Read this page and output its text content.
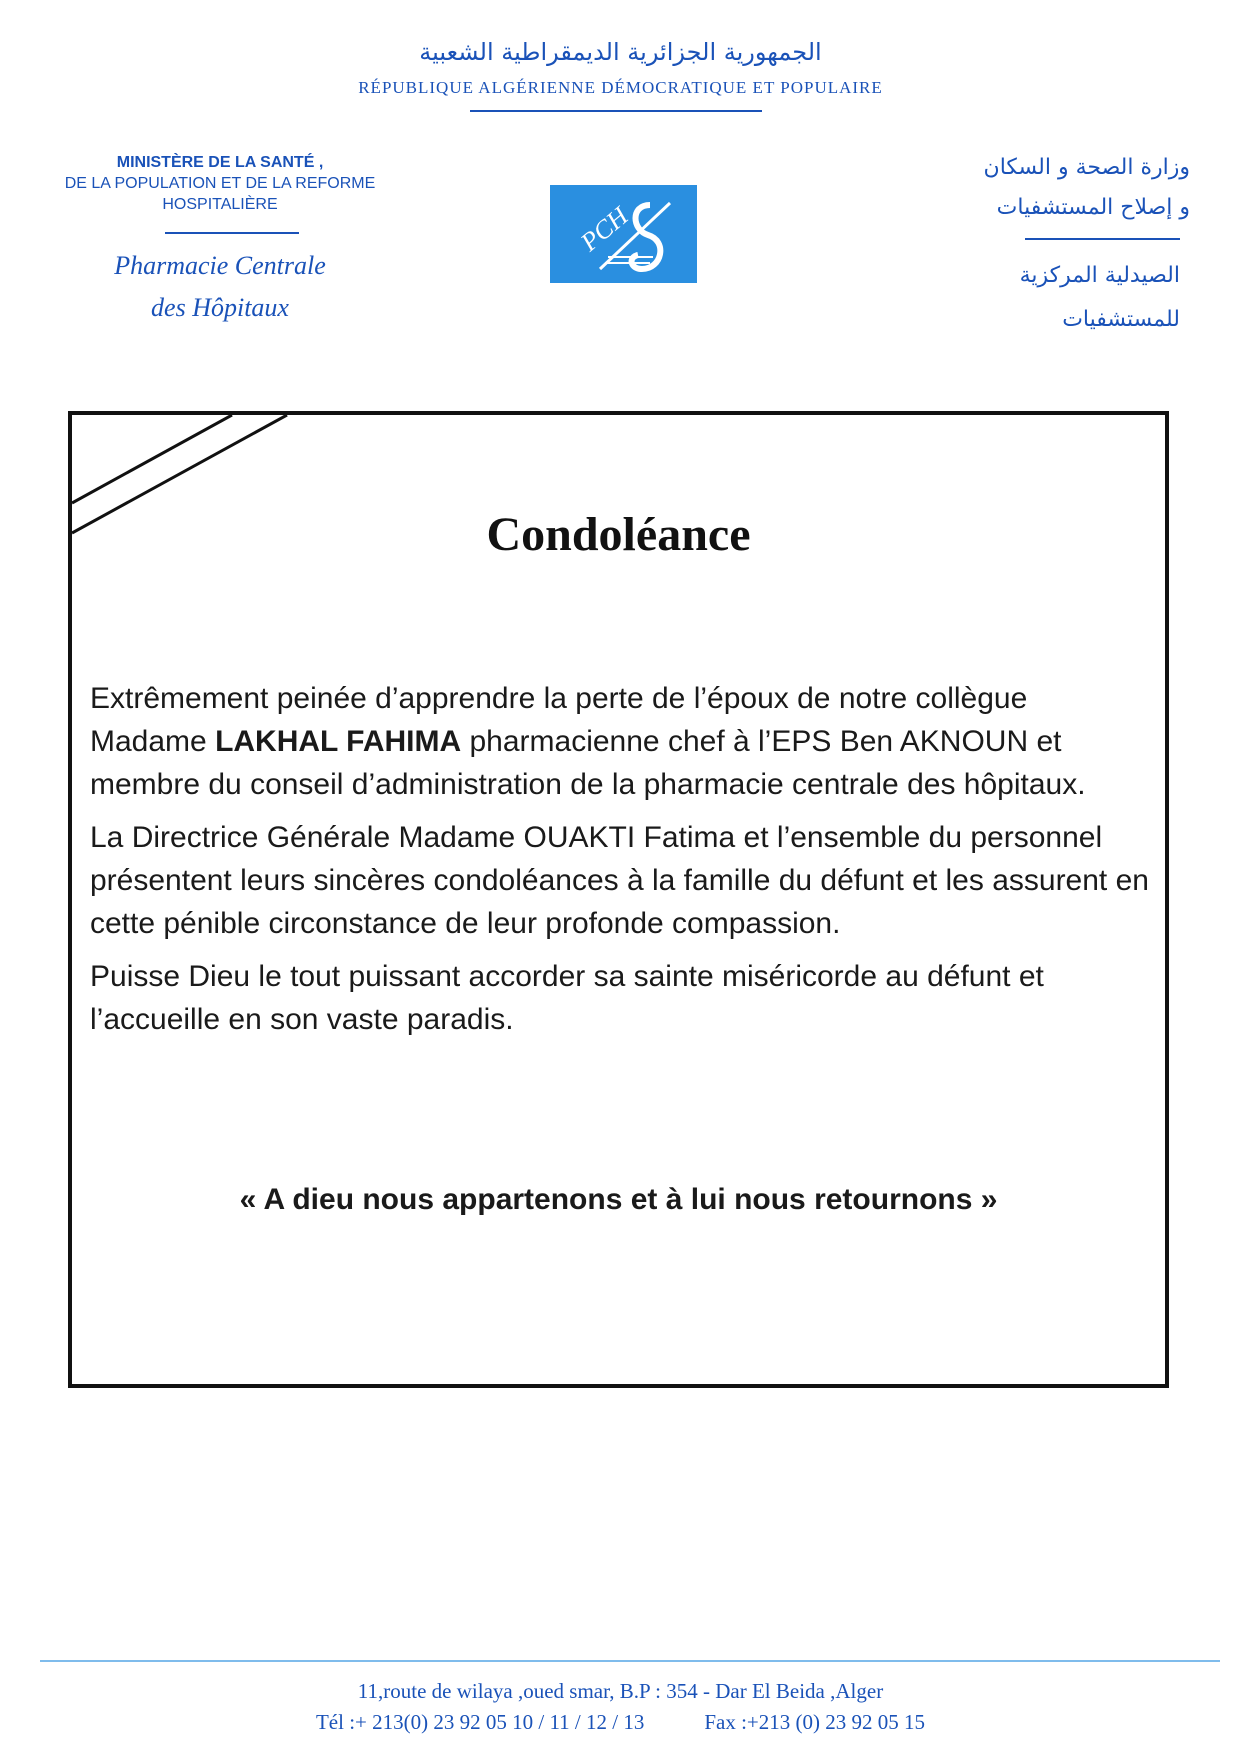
الجمهورية الجزائرية الديمقراطية الشعبية
RÉPUBLIQUE ALGÉRIENNE DÉMOCRATIQUE ET POPULAIRE
MINISTÈRE DE LA SANTÉ ,
DE LA POPULATION ET DE LA REFORME
HOSPITALIÈRE
Pharmacie Centrale
des Hôpitaux
PCH
وزارة الصحة و السكان
و إصلاح المستشفيات
الصيدلية المركزية
للمستشفيات
Condoléance

Extrêmement peinée d’apprendre la perte de l’époux de notre collègue Madame LAKHAL FAHIMA pharmacienne chef à l’EPS Ben AKNOUN et membre du conseil d’administration de la pharmacie centrale des hôpitaux.

La Directrice Générale Madame OUAKTI Fatima et l’ensemble du personnel présentent leurs sincères condoléances à la famille du défunt et les assurent en cette pénible circonstance de leur profonde compassion.

Puisse Dieu le tout puissant accorder sa sainte miséricorde au défunt et l’accueille en son vaste paradis.

« A dieu nous appartenons et à lui nous retournons »
11,route de wilaya ,oued smar, B.P : 354 - Dar El Beida ,Alger
Tél :+ 213(0) 23 92 05 10 / 11 / 12 / 13	Fax :+213 (0) 23 92 05 15
